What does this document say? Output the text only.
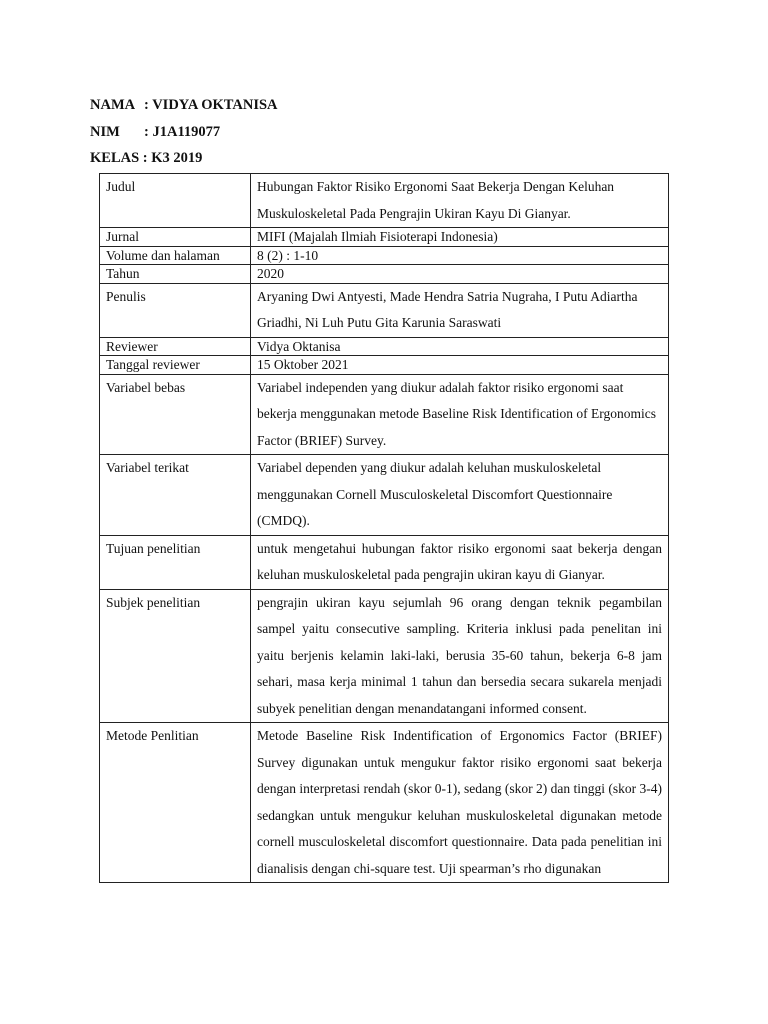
NAMA : VIDYA OKTANISA
NIM : J1A119077
KELAS : K3 2019
Judul	Hubungan Faktor Risiko Ergonomi Saat Bekerja Dengan Keluhan Muskuloskeletal Pada Pengrajin Ukiran Kayu Di Gianyar.
Jurnal	MIFI (Majalah Ilmiah Fisioterapi Indonesia)
Volume dan halaman	8 (2) : 1-10
Tahun	2020
Penulis	Aryaning Dwi Antyesti, Made Hendra Satria Nugraha, I Putu Adiartha Griadhi, Ni Luh Putu Gita Karunia Saraswati
Reviewer	Vidya Oktanisa
Tanggal reviewer	15 Oktober 2021
Variabel bebas	Variabel independen yang diukur adalah faktor risiko ergonomi saat bekerja menggunakan metode Baseline Risk Identification of Ergonomics Factor (BRIEF) Survey.
Variabel terikat	Variabel dependen yang diukur adalah keluhan muskuloskeletal menggunakan Cornell Musculoskeletal Discomfort Questionnaire (CMDQ).
Tujuan penelitian	untuk mengetahui hubungan faktor risiko ergonomi saat bekerja dengan keluhan muskuloskeletal pada pengrajin ukiran kayu di Gianyar.
Subjek penelitian	pengrajin ukiran kayu sejumlah 96 orang dengan teknik pegambilan sampel yaitu consecutive sampling. Kriteria inklusi pada penelitan ini yaitu berjenis kelamin laki-laki, berusia 35-60 tahun, bekerja 6-8 jam sehari, masa kerja minimal 1 tahun dan bersedia secara sukarela menjadi subyek penelitian dengan menandatangani informed consent.
Metode Penlitian	Metode Baseline Risk Indentification of Ergonomics Factor (BRIEF) Survey digunakan untuk mengukur faktor risiko ergonomi saat bekerja dengan interpretasi rendah (skor 0-1), sedang (skor 2) dan tinggi (skor 3-4) sedangkan untuk mengukur keluhan muskuloskeletal digunakan metode cornell musculoskeletal discomfort questionnaire. Data pada penelitian ini dianalisis dengan chi-square test. Uji spearman’s rho digunakan
